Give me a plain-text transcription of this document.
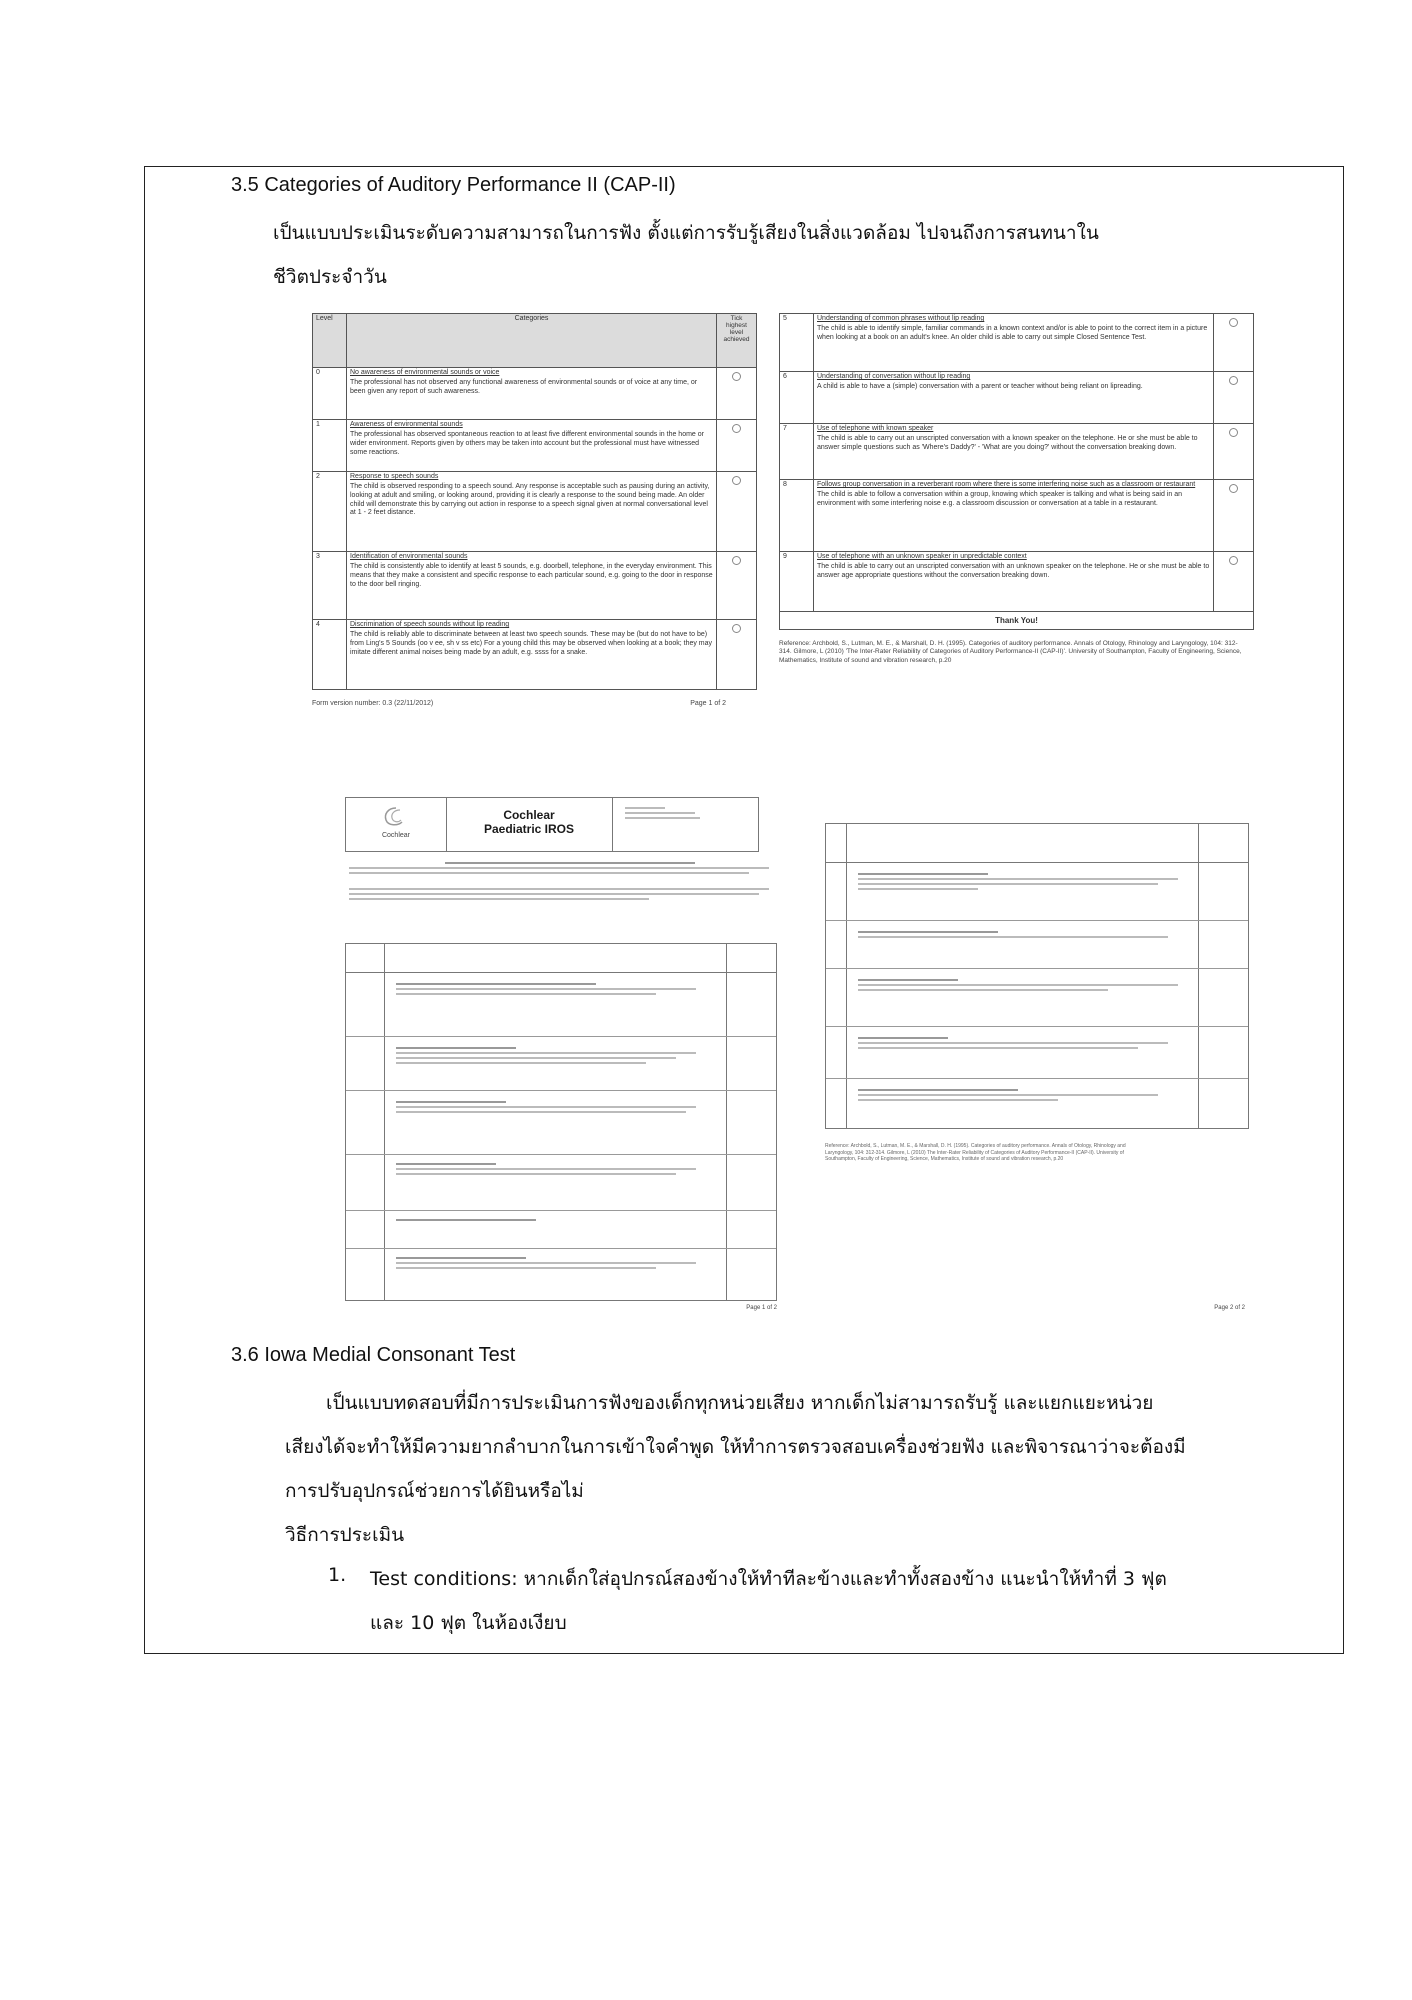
3.5 Categories of Auditory Performance II (CAP-II)
เป็นแบบประเมินระดับความสามารถในการฟัง ตั้งแต่การรับรู้เสียงในสิ่งแวดล้อม ไปจนถึงการสนทนาใน
ชีวิตประจำวัน
Level	Categories	Tick highest level achieved
0	No awareness of environmental sounds or voice
The professional has not observed any functional awareness of environmental sounds or of voice at any time, or been given any report of such awareness.	

1	Awareness of environmental sounds
The professional has observed spontaneous reaction to at least five different environmental sounds in the home or wider environment. Reports given by others may be taken into account but the professional must have witnessed some reactions.	

2	Response to speech sounds
The child is observed responding to a speech sound. Any response is acceptable such as pausing during an activity, looking at adult and smiling, or looking around, providing it is clearly a response to the sound being made. An older child will demonstrate this by carrying out action in response to a speech signal given at normal conversational level at 1 - 2 feet distance.	

3	Identification of environmental sounds
The child is consistently able to identify at least 5 sounds, e.g. doorbell, telephone, in the everyday environment. This means that they make a consistent and specific response to each particular sound, e.g. going to the door in response to the door bell ringing.	

4	Discrimination of speech sounds without lip reading
The child is reliably able to discriminate between at least two speech sounds. These may be (but do not have to be) from Ling's 5 Sounds (oo v ee, sh v ss etc) For a young child this may be observed when looking at a book; they may imitate different animal noises being made by an adult, e.g. ssss for a snake.	

Form version number: 0.3 (22/11/2012)	Page 1 of 2
5	Understanding of common phrases without lip reading
The child is able to identify simple, familiar commands in a known context and/or is able to point to the correct item in a picture when looking at a book on an adult's knee. An older child is able to carry out simple Closed Sentence Test.	

6	Understanding of conversation without lip reading
A child is able to have a (simple) conversation with a parent or teacher without being reliant on lipreading.	

7	Use of telephone with known speaker
The child is able to carry out an unscripted conversation with a known speaker on the telephone. He or she must be able to answer simple questions such as 'Where's Daddy?' - 'What are you doing?' without the conversation breaking down.	

8	Follows group conversation in a reverberant room where there is some interfering noise such as a classroom or restaurant
The child is able to follow a conversation within a group, knowing which speaker is talking and what is being said in an environment with some interfering noise e.g. a classroom discussion or conversation at a table in a restaurant.	

9	Use of telephone with an unknown speaker in unpredictable context
The child is able to carry out an unscripted conversation with an unknown speaker on the telephone. He or she must be able to answer age appropriate questions without the conversation breaking down.	

Thank You!		
Reference: Archbold, S., Lutman, M. E., & Marshall, D. H. (1995). Categories of auditory performance. Annals of Otology, Rhinology and Laryngology, 104: 312-314. Gilmore, L (2010) 'The Inter-Rater Reliability of Categories of Auditory Performance-II (CAP-II)'. University of Southampton, Faculty of Engineering, Science, Mathematics, Institute of sound and vibration research, p.20
Cochlear
Cochlear
Paediatric IROS
Page 1 of 2
Reference: Archbold, S., Lutman, M. E., & Marshall, D. H. (1995). Categories of auditory performance. Annals of Otology, Rhinology and Laryngology, 104: 312-314. Gilmore, L (2010) The Inter-Rater Reliability of Categories of Auditory Performance-II (CAP-II). University of Southampton, Faculty of Engineering, Science, Mathematics, Institute of sound and vibration research, p.20
Page 2 of 2
3.6 Iowa Medial Consonant Test
เป็นแบบทดสอบที่มีการประเมินการฟังของเด็กทุกหน่วยเสียง หากเด็กไม่สามารถรับรู้ และแยกแยะหน่วย
เสียงได้จะทำให้มีความยากลำบากในการเข้าใจคำพูด ให้ทำการตรวจสอบเครื่องช่วยฟัง และพิจารณาว่าจะต้องมี
การปรับอุปกรณ์ช่วยการได้ยินหรือไม่
วิธีการประเมิน
1. Test conditions: หากเด็กใส่อุปกรณ์สองข้างให้ทำทีละข้างและทำทั้งสองข้าง แนะนำให้ทำที่ 3 ฟุต
และ 10 ฟุต ในห้องเงียบ
